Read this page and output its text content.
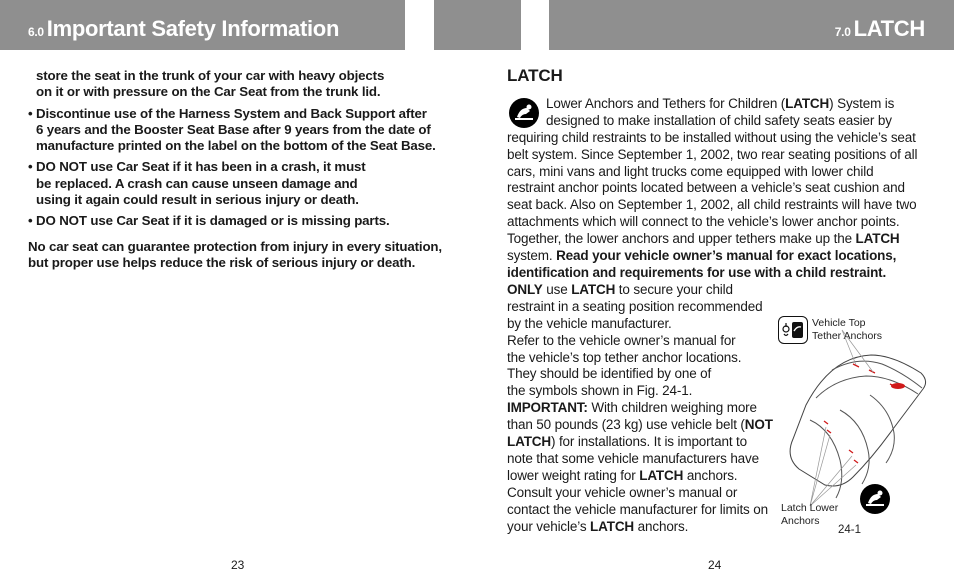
6.0 Important Safety Information	7.0 LATCH

store the seat in the trunk of your car with heavy objects
on it or with pressure on the Car Seat from the trunk lid.

• Discontinue use of the Harness System and Back Support after
6 years and the Booster Seat Base after 9 years from the date of
manufacture printed on the label on the bottom of the Seat Base.

• DO NOT use Car Seat if it has been in a crash, it must
be replaced. A crash can cause unseen damage and
using it again could result in serious injury or death.

• DO NOT use Car Seat if it is damaged or is missing parts.

No car seat can guarantee protection from injury in every situation,
but proper use helps reduce the risk of serious injury or death.

LATCH

Lower Anchors and Tethers for Children (LATCH) System is designed to make installation of child safety seats easier by requiring child restraints to be installed without using the vehicle’s seat belt system. Since September 1, 2002, two rear seating positions of all cars, mini vans and light trucks come equipped with lower child restraint anchor points located between a vehicle’s seat cushion and seat back. Also on September 1, 2002, all child restraints will have two attachments which will connect to the vehicle’s lower anchor points. Together, the lower anchors and upper tethers make up the LATCH system. Read your vehicle owner’s manual for exact locations, identification and requirements for use with a child restraint.

ONLY use LATCH to secure your child restraint in a seating position recommended by the vehicle manufacturer.

Refer to the vehicle owner’s manual for
the vehicle’s top tether anchor locations.
They should be identified by one of
the symbols shown in Fig. 24-1.

IMPORTANT: With children weighing more than 50 pounds (23 kg) use vehicle belt (NOT LATCH) for installations. It is important to note that some vehicle manufacturers have lower weight rating for LATCH anchors. Consult your vehicle owner’s manual or contact the vehicle manufacturer for limits on your vehicle’s LATCH anchors.

Vehicle Top
Tether Anchors
Latch Lower
Anchors
24-1
23	24
